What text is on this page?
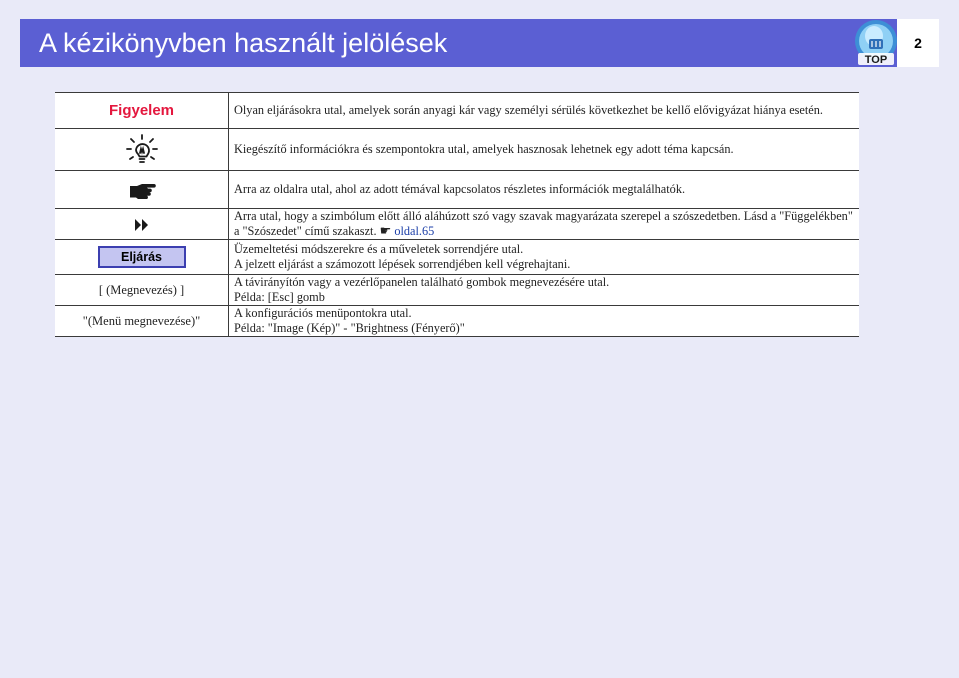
A kézikönyvben használt jelölések
TOP
2
Figyelem	Olyan eljárásokra utal, amelyek során anyagi kár vagy személyi sérülés következhet be kellő elővigyázat hiánya esetén.
	Kiegészítő információkra és szempontokra utal, amelyek hasznosak lehetnek egy adott téma kapcsán.
	Arra az oldalra utal, ahol az adott témával kapcsolatos részletes információk megtalálhatók.
	Arra utal, hogy a szimbólum előtt álló aláhúzott szó vagy szavak magyarázata szerepel a szószedetben. Lásd a "Függelékben" a "Szószedet" című szakaszt. ☛ oldal.65
Eljárás	Üzemeltetési módszerekre és a műveletek sorrendjére utal.
A jelzett eljárást a számozott lépések sorrendjében kell végrehajtani.

[ (Megnevezés) ]	A távirányítón vagy a vezérlőpanelen található gombok megnevezésére utal.
Példa: [Esc] gomb

"(Menü megnevezése)"	A konfigurációs menüpontokra utal.
Példa: "Image (Kép)" - "Brightness (Fényerő)"
